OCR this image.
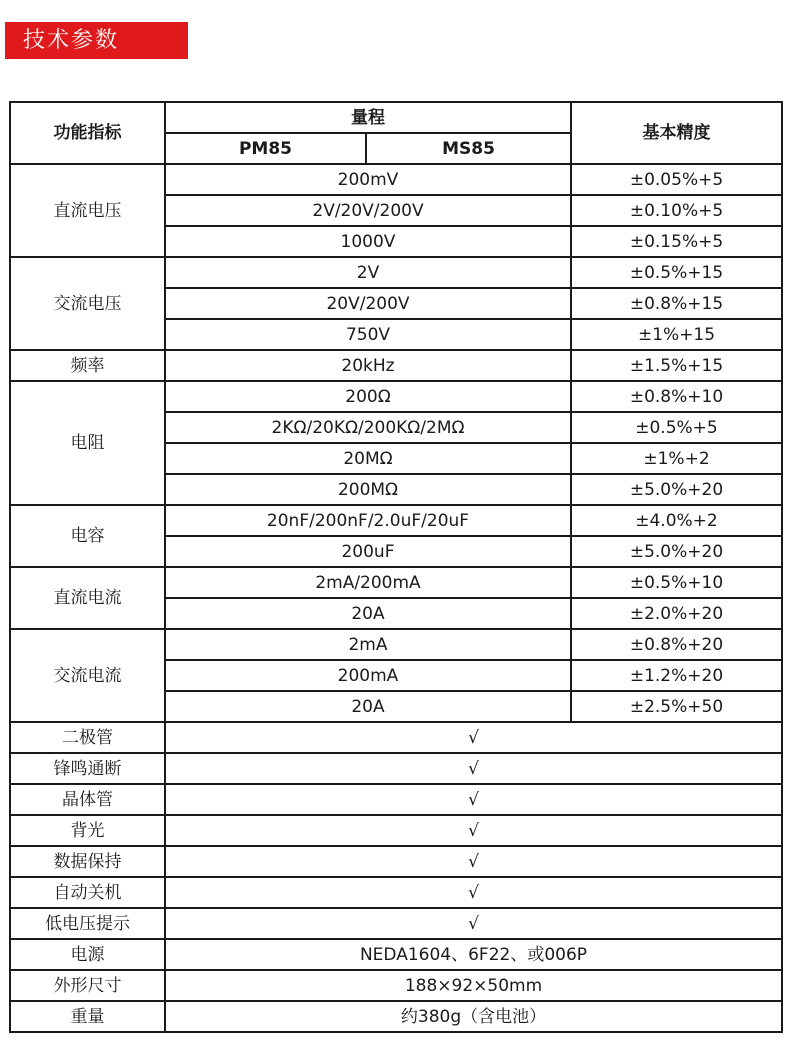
技术参数
功能指标	量程		基本精度
	PM85	MS85	
直流电压	200mV		±0.05%+5
	2V/20V/200V		±0.10%+5
	1000V		±0.15%+5
交流电压	2V		±0.5%+15
	20V/200V		±0.8%+15
	750V		±1%+15
频率	20kHz		±1.5%+15
电阻	200Ω		±0.8%+10
	2KΩ/20KΩ/200KΩ/2MΩ		±0.5%+5
	20MΩ		±1%+2
	200MΩ		±5.0%+20
电容	20nF/200nF/2.0uF/20uF		±4.0%+2
	200uF		±5.0%+20
直流电流	2mA/200mA		±0.5%+10
	20A		±2.0%+20
交流电流	2mA		±0.8%+20
	200mA		±1.2%+20
	20A		±2.5%+50
二极管	√		
锋鸣通断	√		
晶体管	√		
背光	√		
数据保持	√		
自动关机	√		
低电压提示	√		
电源	NEDA1604、6F22、或006P		
外形尺寸	188×92×50mm		
重量	约380g（含电池）		
